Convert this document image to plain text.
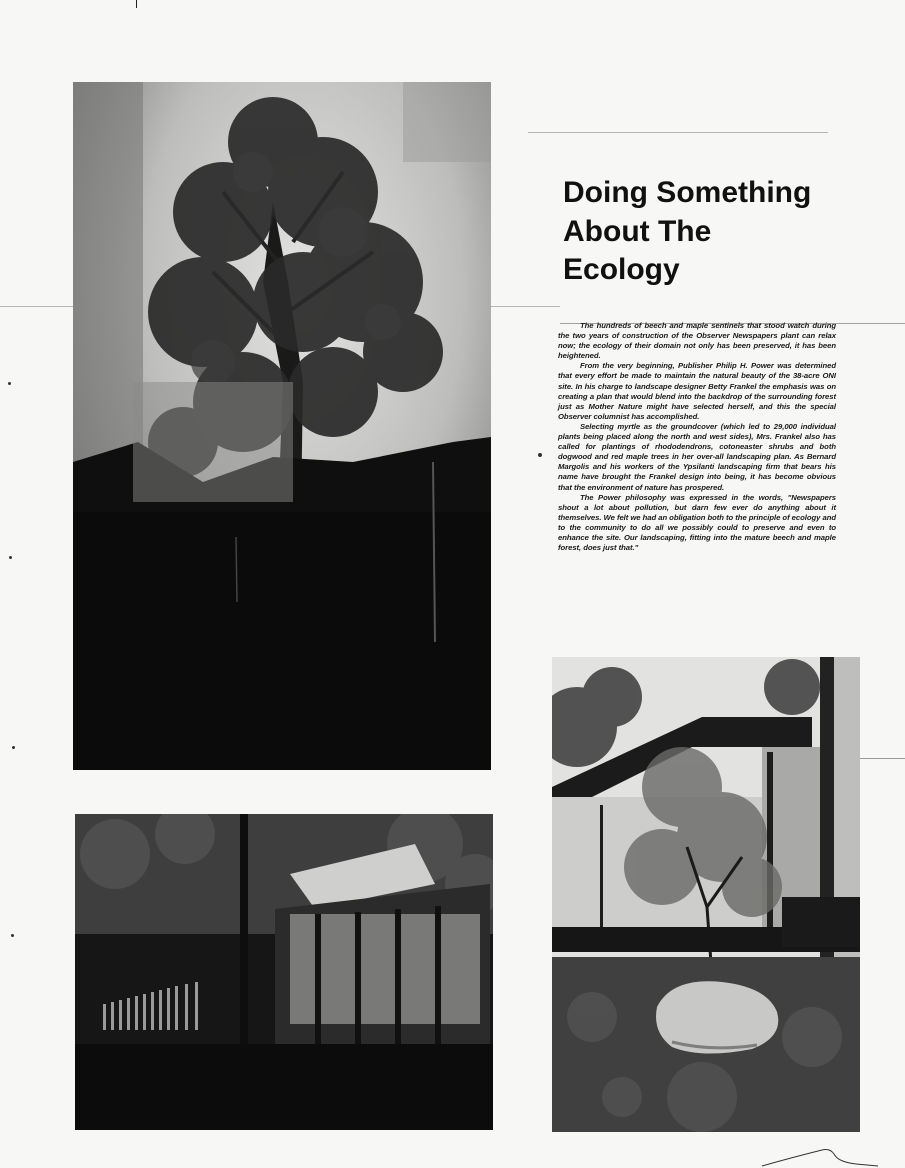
Doing Something
About The
Ecology

The hundreds of beech and maple sentinels that stood watch during the two years of construction of the Observer Newspapers plant can relax now; the ecology of their domain not only has been preserved, it has been heightened.

From the very beginning, Publisher Philip H. Power was determined that every effort be made to maintain the natural beauty of the 38-acre ONI site. In his charge to landscape designer Betty Frankel the emphasis was on creating a plan that would blend into the backdrop of the surrounding forest just as Mother Nature might have selected herself, and this the special Observer columnist has accomplished.

Selecting myrtle as the groundcover (which led to 29,000 individual plants being placed along the north and west sides), Mrs. Frankel also has called for plantings of rhododendrons, cotoneaster shrubs and both dogwood and red maple trees in her over-all landscaping plan. As Bernard Margolis and his workers of the Ypsilanti landscaping firm that bears his name have brought the Frankel design into being, it has become obvious that the environment of nature has prospered.

The Power philosophy was expressed in the words, "Newspapers shout a lot about pollution, but darn few ever do anything about it themselves. We felt we had an obligation both to the principle of ecology and to the community to do all we possibly could to preserve and even to enhance the site. Our landscaping, fitting into the mature beech and maple forest, does just that."
